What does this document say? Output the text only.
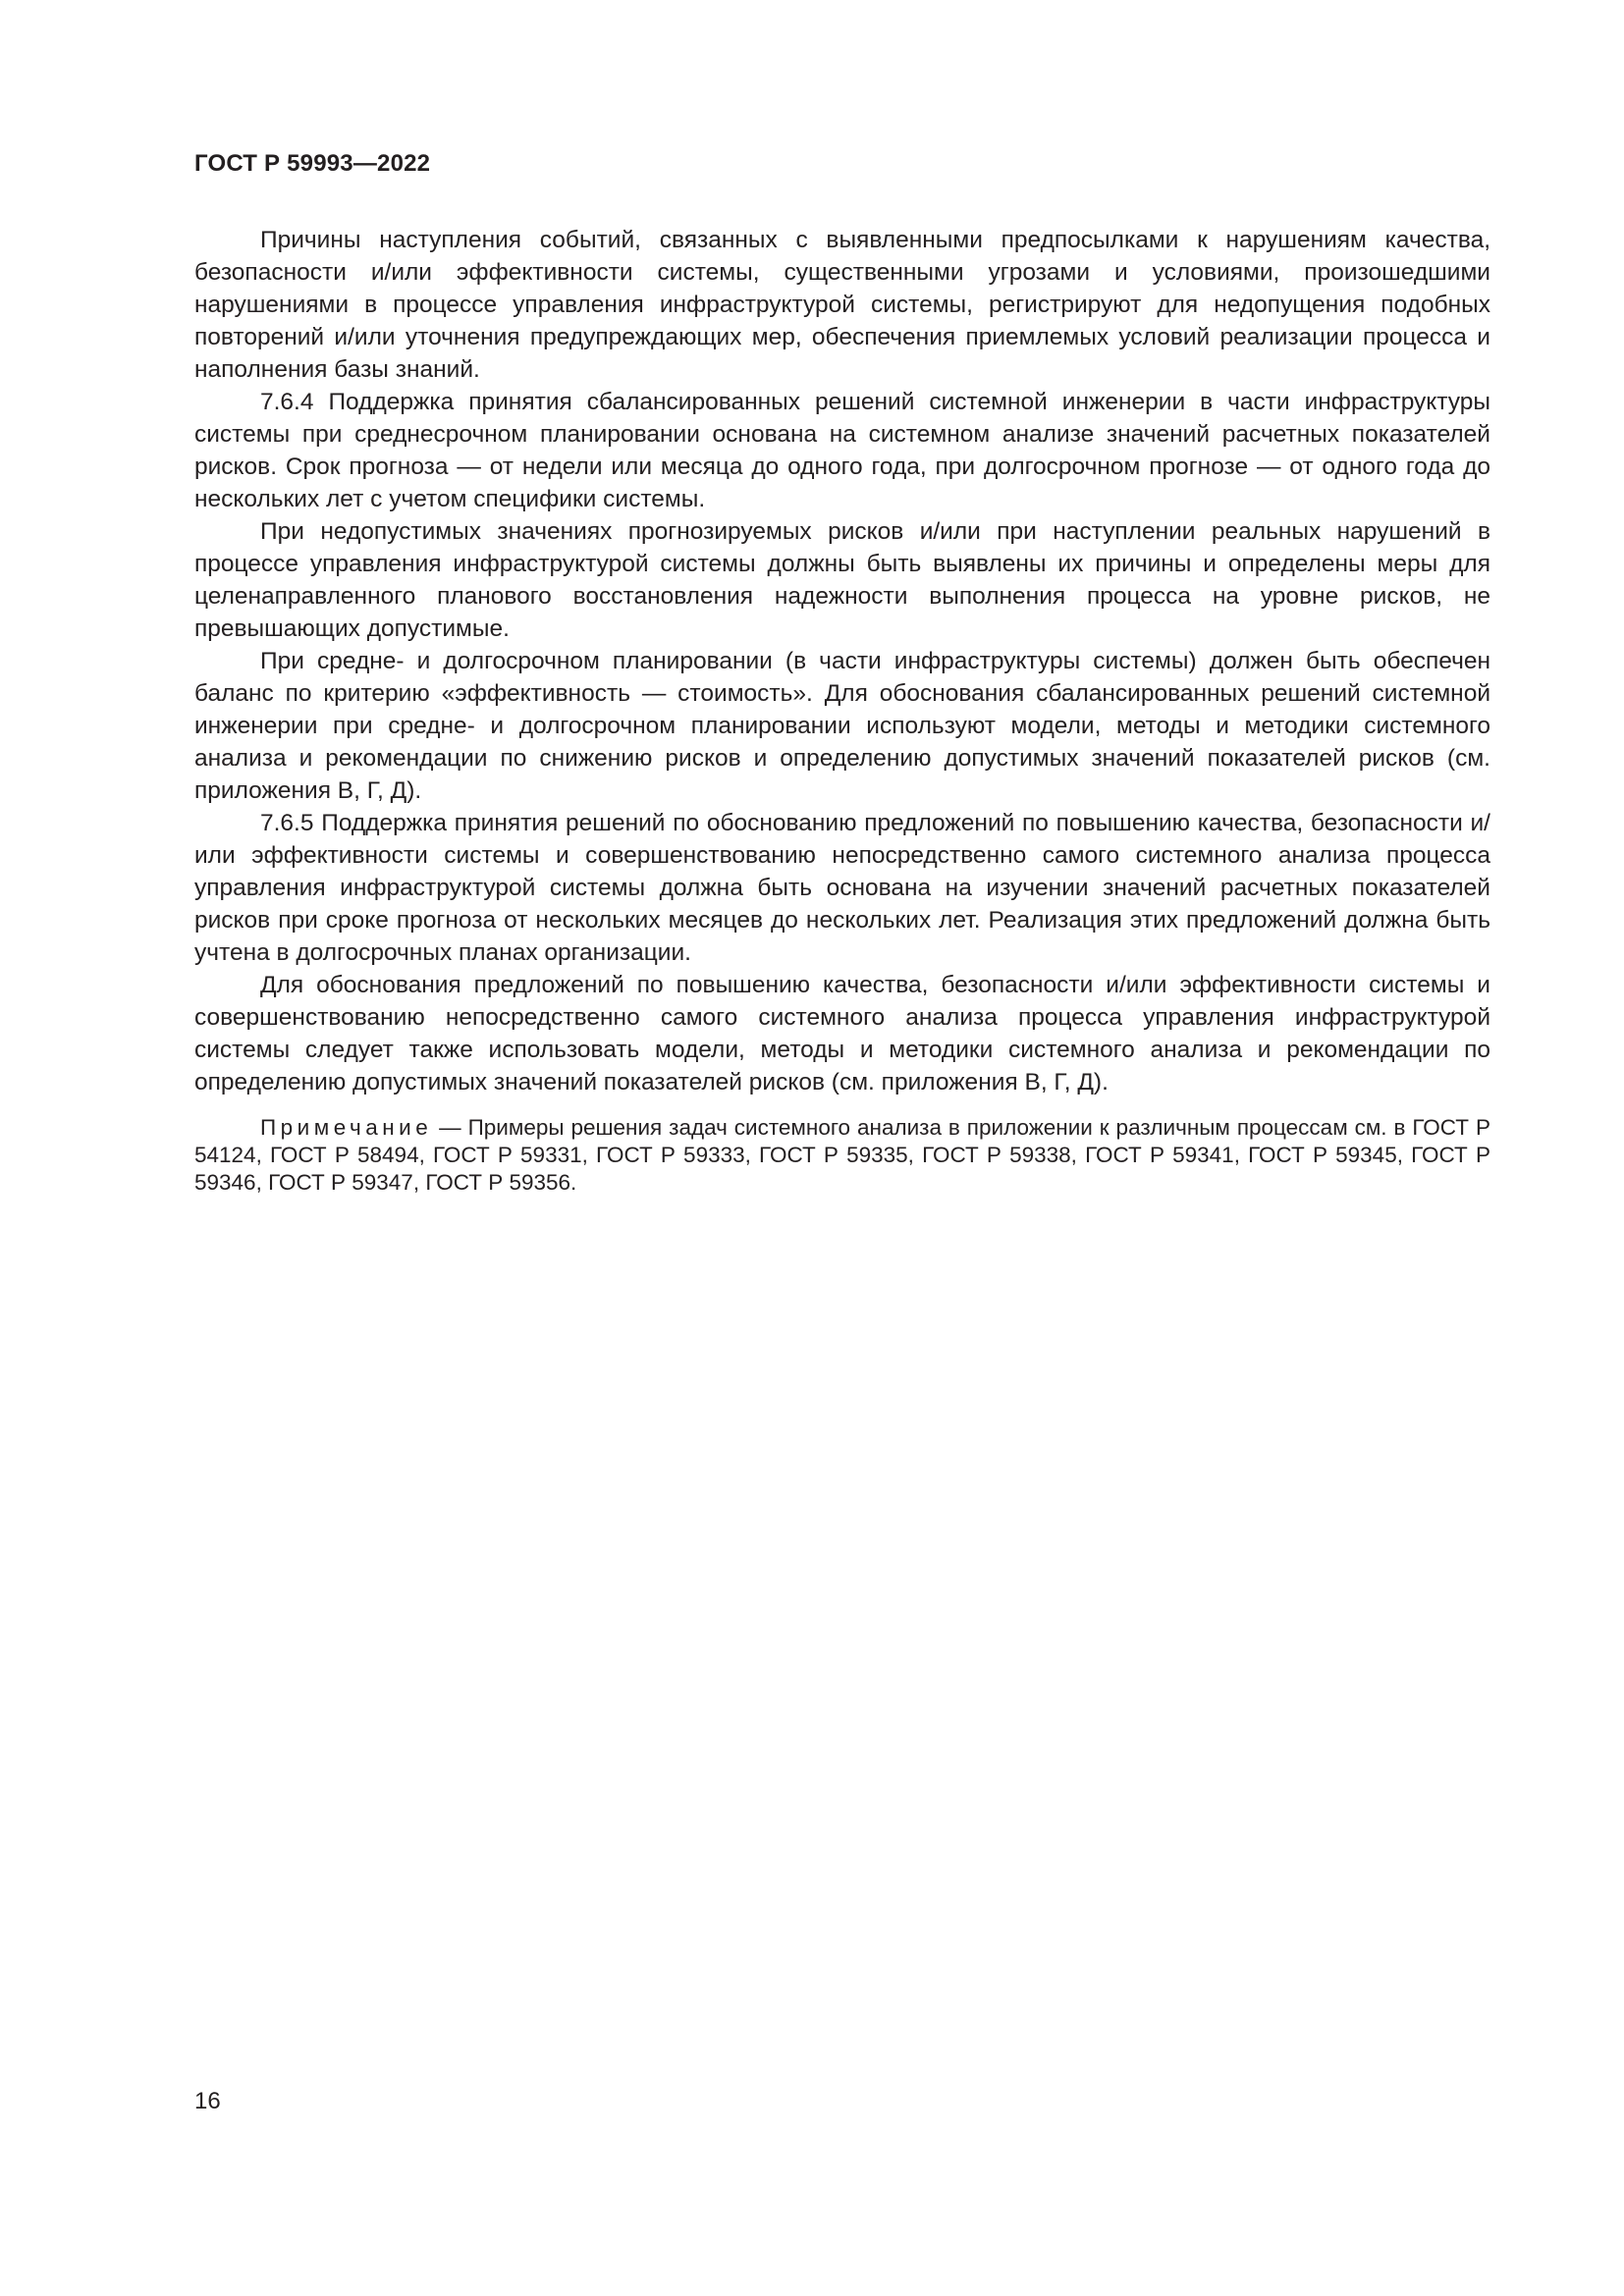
ГОСТ Р 59993—2022

Причины наступления событий, связанных с выявленными предпосылками к нарушениям качества, безопасности и/или эффективности системы, существенными угрозами и условиями, произошедшими нарушениями в процессе управления инфраструктурой системы, регистрируют для недопущения подобных повторений и/или уточнения предупреждающих мер, обеспечения приемлемых условий реализации процесса и наполнения базы знаний.

7.6.4 Поддержка принятия сбалансированных решений системной инженерии в части инфраструктуры системы при среднесрочном планировании основана на системном анализе значений расчетных показателей рисков. Срок прогноза — от недели или месяца до одного года, при долгосрочном прогнозе — от одного года до нескольких лет с учетом специфики системы.

При недопустимых значениях прогнозируемых рисков и/или при наступлении реальных нарушений в процессе управления инфраструктурой системы должны быть выявлены их причины и определены меры для целенаправленного планового восстановления надежности выполнения процесса на уровне рисков, не превышающих допустимые.

При средне- и долгосрочном планировании (в части инфраструктуры системы) должен быть обеспечен баланс по критерию «эффективность — стоимость». Для обоснования сбалансированных решений системной инженерии при средне- и долгосрочном планировании используют модели, методы и методики системного анализа и рекомендации по снижению рисков и определению допустимых значений показателей рисков (см. приложения В, Г, Д).

7.6.5 Поддержка принятия решений по обоснованию предложений по повышению качества, безопасности и/или эффективности системы и совершенствованию непосредственно самого системного анализа процесса управления инфраструктурой системы должна быть основана на изучении значений расчетных показателей рисков при сроке прогноза от нескольких месяцев до нескольких лет. Реализация этих предложений должна быть учтена в долгосрочных планах организации.

Для обоснования предложений по повышению качества, безопасности и/или эффективности системы и совершенствованию непосредственно самого системного анализа процесса управления инфраструктурой системы следует также использовать модели, методы и методики системного анализа и рекомендации по определению допустимых значений показателей рисков (см. приложения В, Г, Д).

Примечание — Примеры решения задач системного анализа в приложении к различным процессам см. в ГОСТ Р 54124, ГОСТ Р 58494, ГОСТ Р 59331, ГОСТ Р 59333, ГОСТ Р 59335, ГОСТ Р 59338, ГОСТ Р 59341, ГОСТ Р 59345, ГОСТ Р 59346, ГОСТ Р 59347, ГОСТ Р 59356.

16
